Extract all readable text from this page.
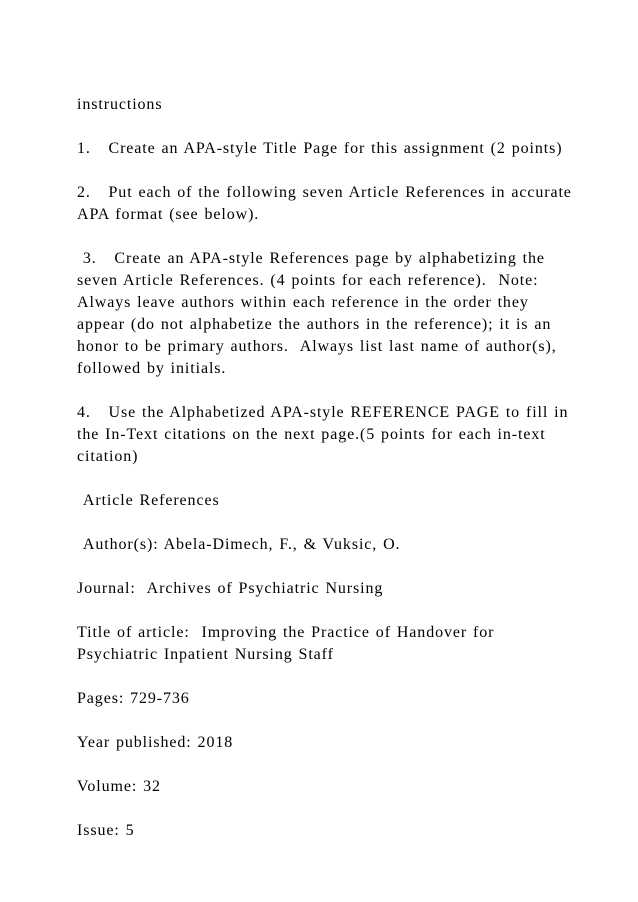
instructions

1.   Create an APA-style Title Page for this assignment (2 points)

2.   Put each of the following seven Article References in accurate APA format (see below).

3.   Create an APA-style References page by alphabetizing the seven Article References. (4 points for each reference).  Note:  Always leave authors within each reference in the order they appear (do not alphabetize the authors in the reference); it is an honor to be primary authors.  Always list last name of author(s), followed by initials.

4.   Use the Alphabetized APA-style REFERENCE PAGE to fill in the In-Text citations on the next page.(5 points for each in-text citation)

Article References

Author(s): Abela-Dimech, F., & Vuksic, O.

Journal:  Archives of Psychiatric Nursing

Title of article:  Improving the Practice of Handover for Psychiatric Inpatient Nursing Staff

Pages: 729-736

Year published: 2018

Volume: 32

Issue: 5
